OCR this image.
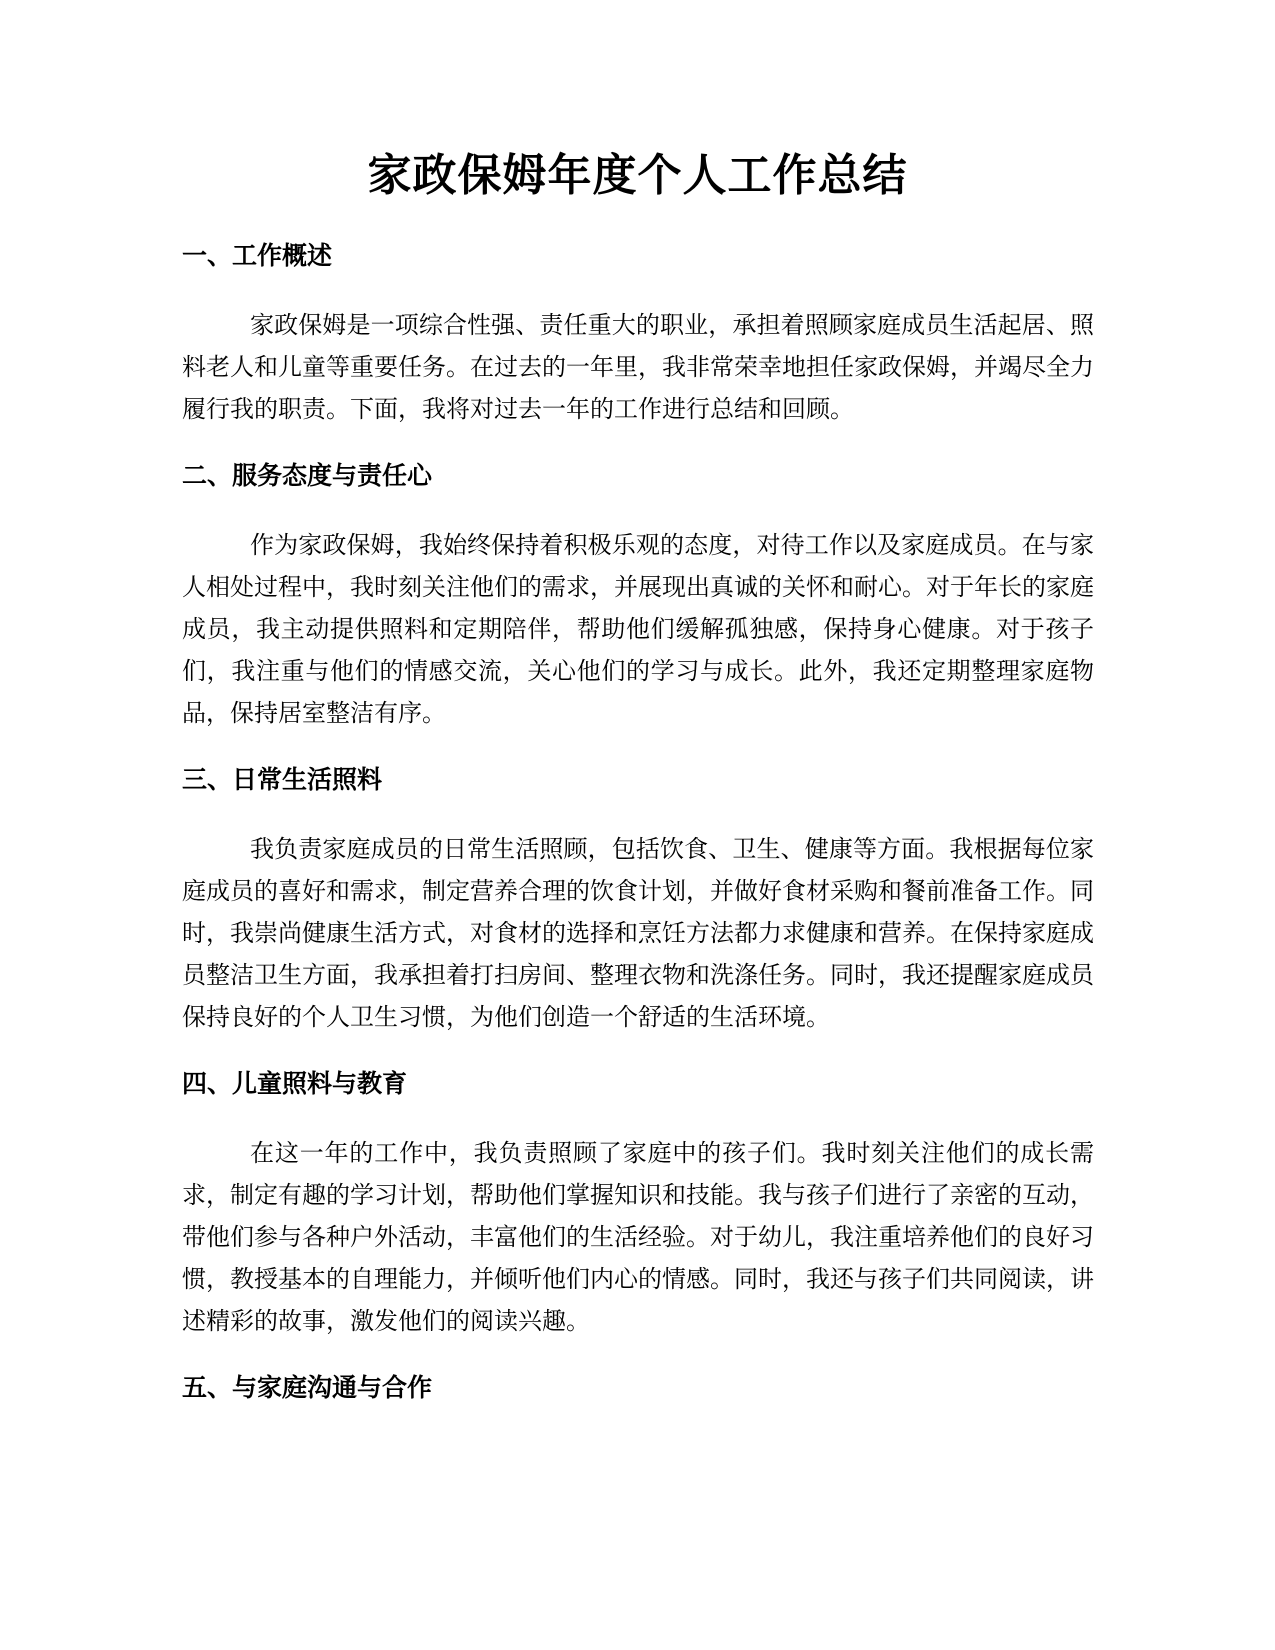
家政保姆年度个人工作总结
一、工作概述

家政保姆是一项综合性强、责任重大的职业，承担着照顾家庭成员生活起居、照料老人和儿童等重要任务。在过去的一年里，我非常荣幸地担任家政保姆，并竭尽全力履行我的职责。下面，我将对过去一年的工作进行总结和回顾。

二、服务态度与责任心

作为家政保姆，我始终保持着积极乐观的态度，对待工作以及家庭成员。在与家人相处过程中，我时刻关注他们的需求，并展现出真诚的关怀和耐心。对于年长的家庭成员，我主动提供照料和定期陪伴，帮助他们缓解孤独感，保持身心健康。对于孩子们，我注重与他们的情感交流，关心他们的学习与成长。此外，我还定期整理家庭物品，保持居室整洁有序。

三、日常生活照料

我负责家庭成员的日常生活照顾，包括饮食、卫生、健康等方面。我根据每位家庭成员的喜好和需求，制定营养合理的饮食计划，并做好食材采购和餐前准备工作。同时，我崇尚健康生活方式，对食材的选择和烹饪方法都力求健康和营养。在保持家庭成员整洁卫生方面，我承担着打扫房间、整理衣物和洗涤任务。同时，我还提醒家庭成员保持良好的个人卫生习惯，为他们创造一个舒适的生活环境。

四、儿童照料与教育

在这一年的工作中，我负责照顾了家庭中的孩子们。我时刻关注他们的成长需求，制定有趣的学习计划，帮助他们掌握知识和技能。我与孩子们进行了亲密的互动，带他们参与各种户外活动，丰富他们的生活经验。对于幼儿，我注重培养他们的良好习惯，教授基本的自理能力，并倾听他们内心的情感。同时，我还与孩子们共同阅读，讲述精彩的故事，激发他们的阅读兴趣。

五、与家庭沟通与合作
